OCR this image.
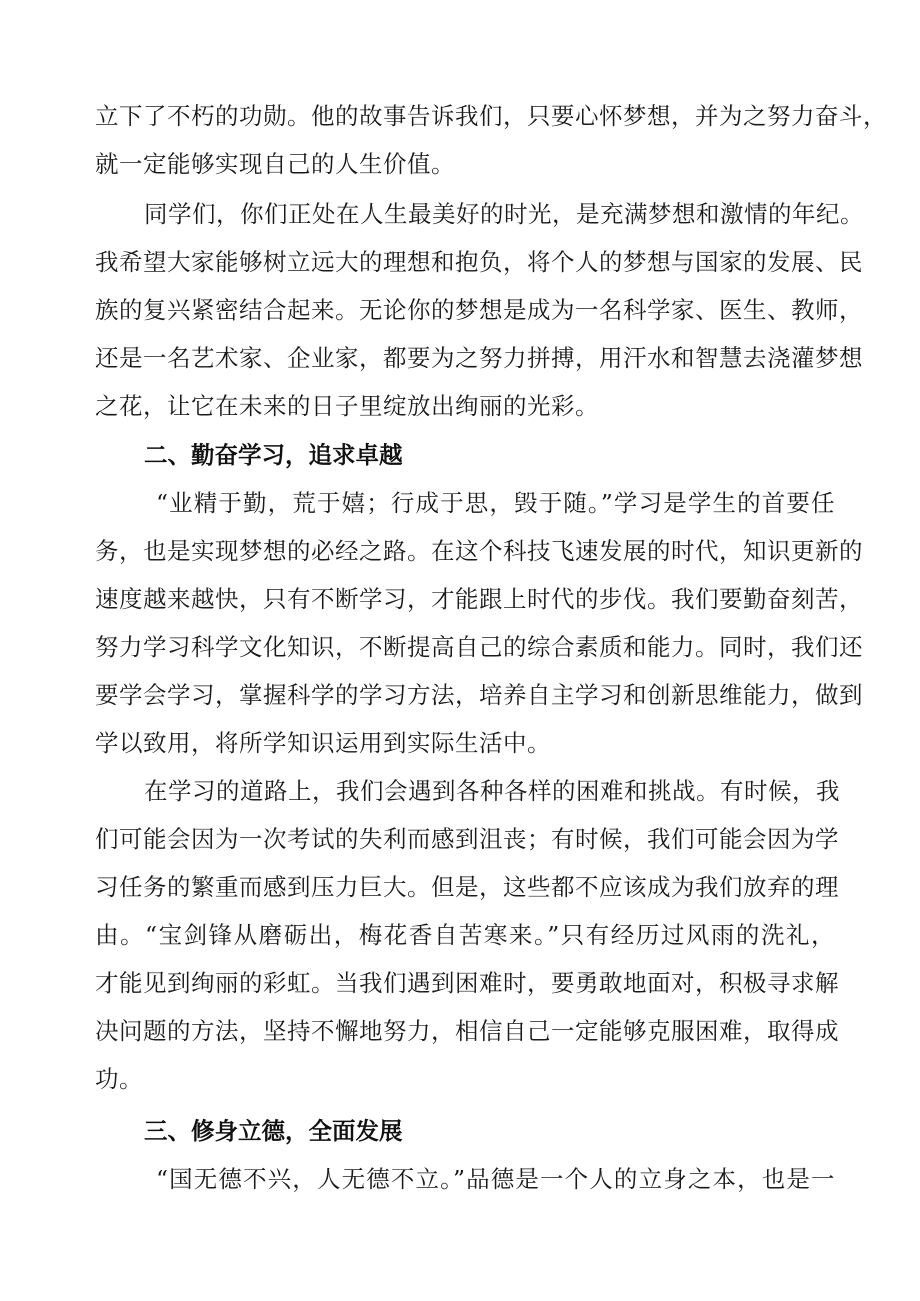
立下了不朽的功勋。他的故事告诉我们，只要心怀梦想，并为之努力奋斗，
就一定能够实现自己的人生价值。
同学们，你们正处在人生最美好的时光，是充满梦想和激情的年纪。
我希望大家能够树立远大的理想和抱负，将个人的梦想与国家的发展、民
族的复兴紧密结合起来。无论你的梦想是成为一名科学家、医生、教师，
还是一名艺术家、企业家，都要为之努力拼搏，用汗水和智慧去浇灌梦想
之花，让它在未来的日子里绽放出绚丽的光彩。
二、勤奋学习，追求卓越
“业精于勤，荒于嬉；行成于思，毁于随。”学习是学生的首要任
务，也是实现梦想的必经之路。在这个科技飞速发展的时代，知识更新的
速度越来越快，只有不断学习，才能跟上时代的步伐。我们要勤奋刻苦，
努力学习科学文化知识，不断提高自己的综合素质和能力。同时，我们还
要学会学习，掌握科学的学习方法，培养自主学习和创新思维能力，做到
学以致用，将所学知识运用到实际生活中。
在学习的道路上，我们会遇到各种各样的困难和挑战。有时候，我
们可能会因为一次考试的失利而感到沮丧；有时候，我们可能会因为学
习任务的繁重而感到压力巨大。但是，这些都不应该成为我们放弃的理
由。“宝剑锋从磨砺出，梅花香自苦寒来。”只有经历过风雨的洗礼，
才能见到绚丽的彩虹。当我们遇到困难时，要勇敢地面对，积极寻求解
决问题的方法，坚持不懈地努力，相信自己一定能够克服困难，取得成
功。
三、修身立德，全面发展
“国无德不兴，人无德不立。”品德是一个人的立身之本，也是一
